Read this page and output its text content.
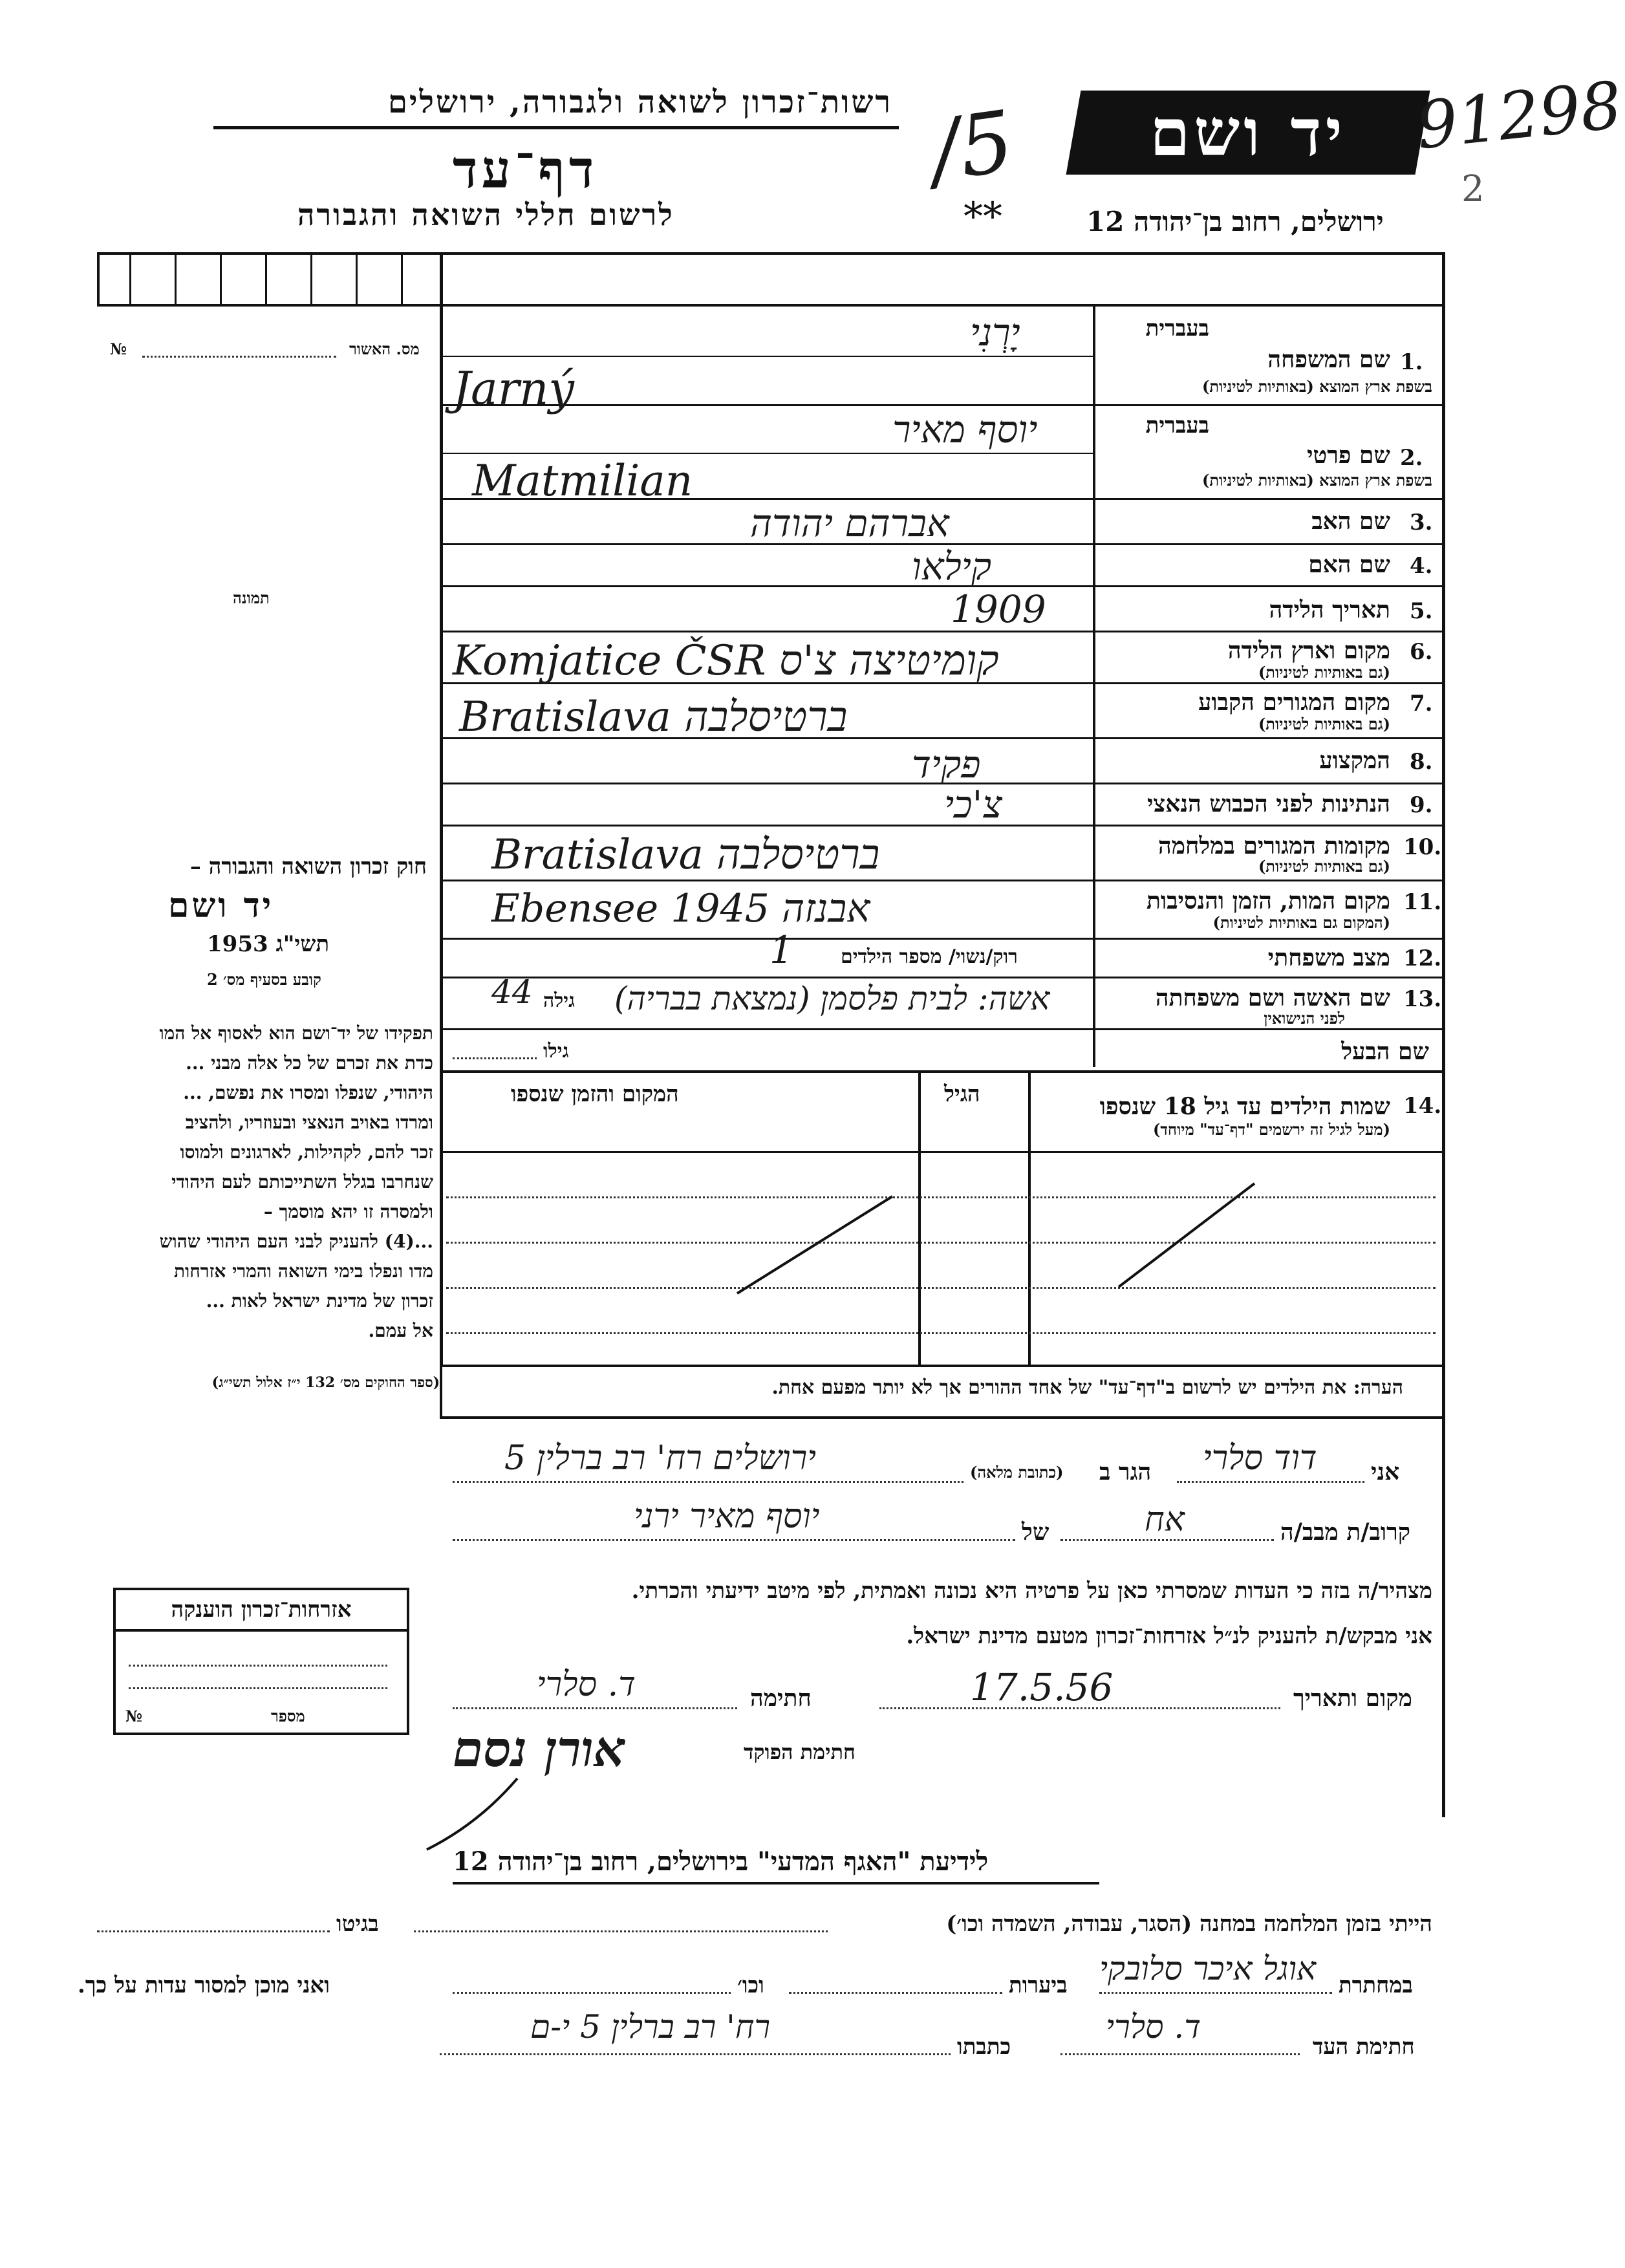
רשות־זכרון לשואה ולגבורה, ירושלים
דף־עד
לרשום חללי השואה והגבורה
/5
**
יד ושם
ירושלים, רחוב בן־יהודה 12
91298
2
מס. האשור
№
תמונה
חוק זכרון השואה והגבורה –
יד ושם
תשי"ג 1953
קובע בסעיף מס׳ 2
תפקידו של יד־ושם הוא לאסוף אל המו
כדת את זכרם של כל אלה מבני ...
היהודי, שנפלו ומסרו את נפשם, ...
ומרדו באויב הנאצי ובעוזריו, ולהציב
זכר להם, לקהילות, לארגונים ולמוסו
שנחרבו בגלל השתייכותם לעם היהודי
ולמסרה זו יהא מוסמך –
...(4) להעניק לבני העם היהודי שהוש
מדו ונפלו בימי השואה והמרי אזרחות
זכרון של מדינת ישראל לאות ...
אל עמם.
(ספר החוקים מס׳ 132 י״ז אלול תשי״ג)
אזרחות־זכרון הוענקה
מספר
№
בעברית
1.
שם המשפחה
בשפת ארץ המוצא (באותיות לטיניות)
יָרְנִי
Jarný
בעברית
2.
שם פרטי
בשפת ארץ המוצא (באותיות לטיניות)
יוסף מאיר
Matmilian
3.
שם האב
אברהם יהודה
4.
שם האם
קילאו
5.
תאריך הלידה
1909
6.
מקום וארץ הלידה
(גם באותיות לטיניות)
Komjatice ČSR קומיטיצה צ'ס
7.
מקום המגורים הקבוע
(גם באותיות לטיניות)
Bratislava ברטיסלבה
8.
המקצוע
פקיד
9.
הנתינות לפני הכבוש הנאצי
צ'כי
10.
מקומות המגורים במלחמה
(גם באותיות לטיניות)
Bratislava ברטיסלבה
11.
מקום המות, הזמן והנסיבות
(המקום גם באותיות לטיניות)
Ebensee 1945 אבנזה
12.
מצב משפחתי
רוק/נשוי/ מספר הילדים
1
13.
שם האשה ושם משפחתה
לפני הנישואין
אשה: לבית פלסמן (נמצאת בבריה)
גילה
44
שם הבעל
גילו
14.
שמות הילדים עד גיל 18 שנספו
(מעל לגיל זה ירשמים "דף־עד" מיוחד)
הגיל
המקום והזמן שנספו
הערה: את הילדים יש לרשום ב"דף־עד" של אחד ההורים אך לא יותר מפעם אחת.
אני
דוד סלרי
הגר ב
(כתובת מלאה)
ירושלים רח' רב ברלין 5
קרוב/ת מבב/ה
אח
של
יוסף מאיר ירני
מצהיר/ה בזה כי העדות שמסרתי כאן על פרטיה היא נכונה ואמתית, לפי מיטב ידיעתי והכרתי.
אני מבקש/ת להעניק לנ״ל אזרחות־זכרון מטעם מדינת ישראל.
מקום ותאריך
17.5.56
חתימה
ד. סלרי
חתימת הפוקד
אורן נסם
לידיעת "האגף המדעי" בירושלים, רחוב בן־יהודה 12
הייתי בזמן המלחמה במחנה (הסגר, עבודה, השמדה וכו׳)
בגיטו
במחתרת
אוגל איכר סלובקי
ביערות
וכו׳
ואני מוכן למסור עדות על כך.
חתימת העד
ד. סלרי
כתבתו
רח' רב ברלין 5 י-ם
